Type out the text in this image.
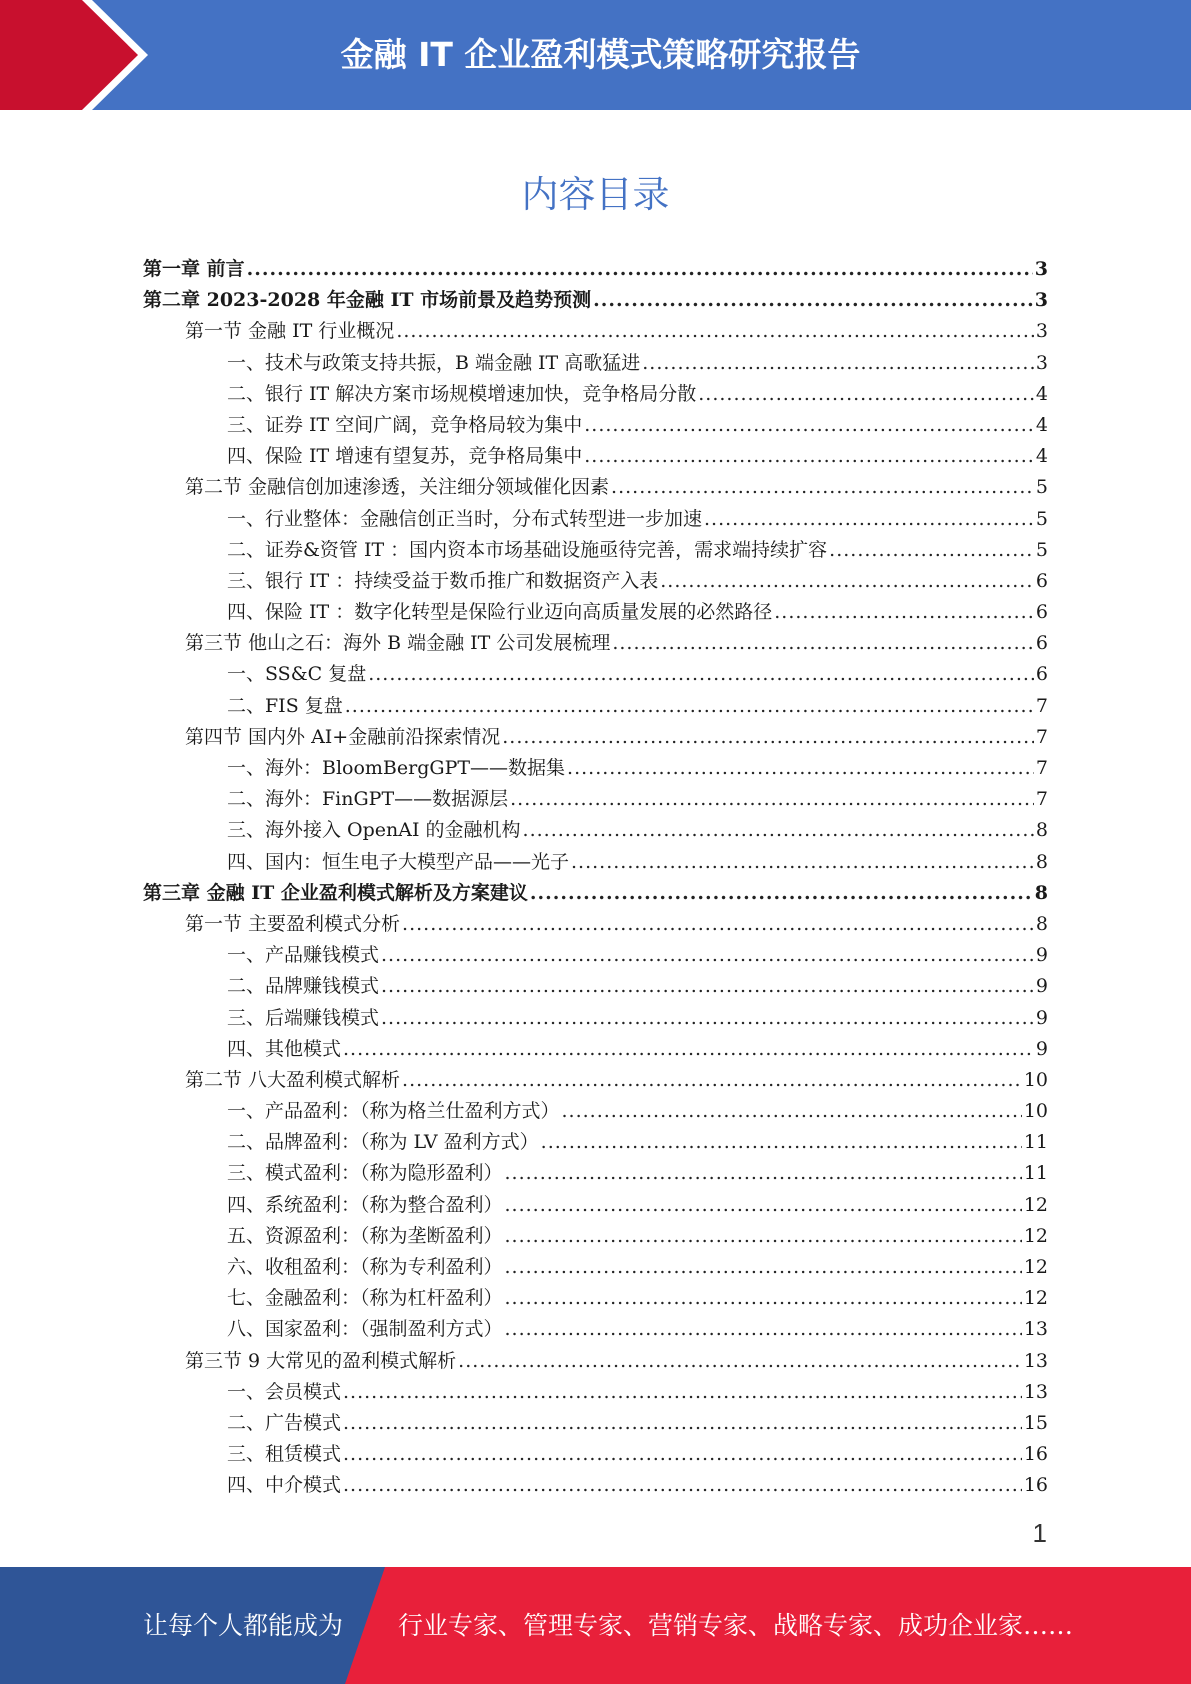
金融 IT 企业盈利模式策略研究报告
内容目录
第一章 前言 .....	3
第二章 2023-2028 年金融 IT 市场前景及趋势预测 .....	3
第一节 金融 IT 行业概况 .....	3
一、技术与政策支持共振，B 端金融 IT 高歌猛进 .....	3
二、银行 IT 解决方案市场规模增速加快，竞争格局分散 .....	4
三、证券 IT 空间广阔，竞争格局较为集中 .....	4
四、保险 IT 增速有望复苏，竞争格局集中 .....	4
第二节 金融信创加速渗透，关注细分领域催化因素 .....	5
一、行业整体：金融信创正当时，分布式转型进一步加速 .....	5
二、证券&资管 IT ：国内资本市场基础设施亟待完善，需求端持续扩容 .....	5
三、银行 IT ：持续受益于数币推广和数据资产入表 .....	6
四、保险 IT ：数字化转型是保险行业迈向高质量发展的必然路径 .....	6
第三节 他山之石：海外 B 端金融 IT 公司发展梳理 .....	6
一、SS&C 复盘 .....	6
二、FIS 复盘 .....	7
第四节 国内外 AI+金融前沿探索情况 .....	7
一、海外：BloomBergGPT——数据集 .....	7
二、海外：FinGPT——数据源层 .....	7
三、海外接入 OpenAI 的金融机构 .....	8
四、国内：恒生电子大模型产品——光子 .....	8
第三章 金融 IT 企业盈利模式解析及方案建议 .....	8
第一节 主要盈利模式分析 .....	8
一、产品赚钱模式 .....	9
二、品牌赚钱模式 .....	9
三、后端赚钱模式 .....	9
四、其他模式 .....	9
第二节 八大盈利模式解析 .....	10
一、产品盈利：（称为格兰仕盈利方式） .....	10
二、品牌盈利：（称为 LV 盈利方式） .....	11
三、模式盈利：（称为隐形盈利） .....	11
四、系统盈利：（称为整合盈利） .....	12
五、资源盈利：（称为垄断盈利） .....	12
六、收租盈利：（称为专利盈利） .....	12
七、金融盈利：（称为杠杆盈利） .....	12
八、国家盈利：（强制盈利方式） .....	13
第三节 9 大常见的盈利模式解析 .....	13
一、会员模式 .....	13
二、广告模式 .....	15
三、租赁模式 .....	16
四、中介模式 .....	16
1
让每个人都能成为 行业专家、管理专家、营销专家、战略专家、成功企业家……
